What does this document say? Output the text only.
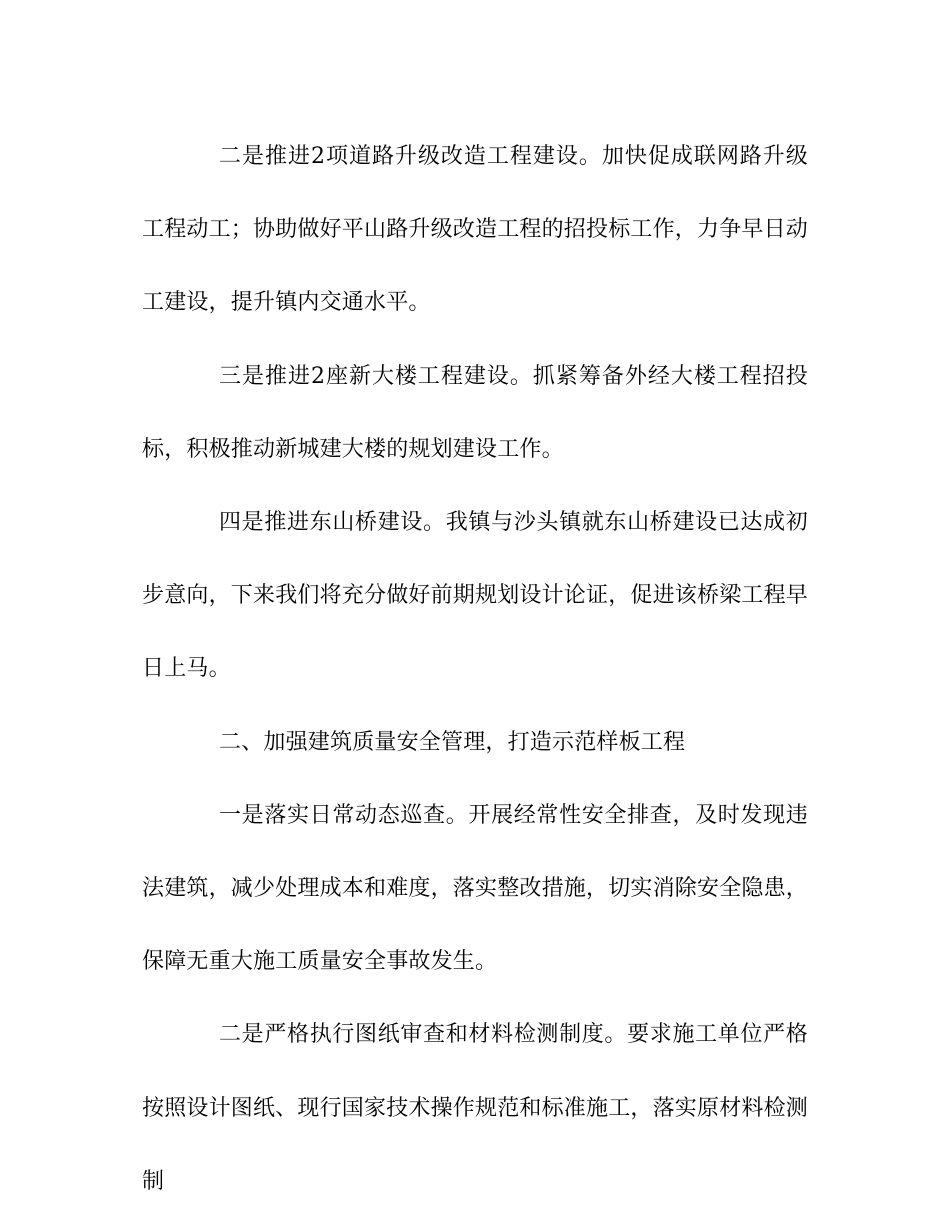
二是推进2项道路升级改造工程建设。加快促成联网路升级工程动工；协助做好平山路升级改造工程的招投标工作，力争早日动工建设，提升镇内交通水平。

三是推进2座新大楼工程建设。抓紧筹备外经大楼工程招投标，积极推动新城建大楼的规划建设工作。

四是推进东山桥建设。我镇与沙头镇就东山桥建设已达成初步意向，下来我们将充分做好前期规划设计论证，促进该桥梁工程早日上马。

二、加强建筑质量安全管理，打造示范样板工程

一是落实日常动态巡查。开展经常性安全排查，及时发现违法建筑，减少处理成本和难度，落实整改措施，切实消除安全隐患，保障无重大施工质量安全事故发生。

二是严格执行图纸审查和材料检测制度。要求施工单位严格按照设计图纸、现行国家技术操作规范和标准施工，落实原材料检测制
